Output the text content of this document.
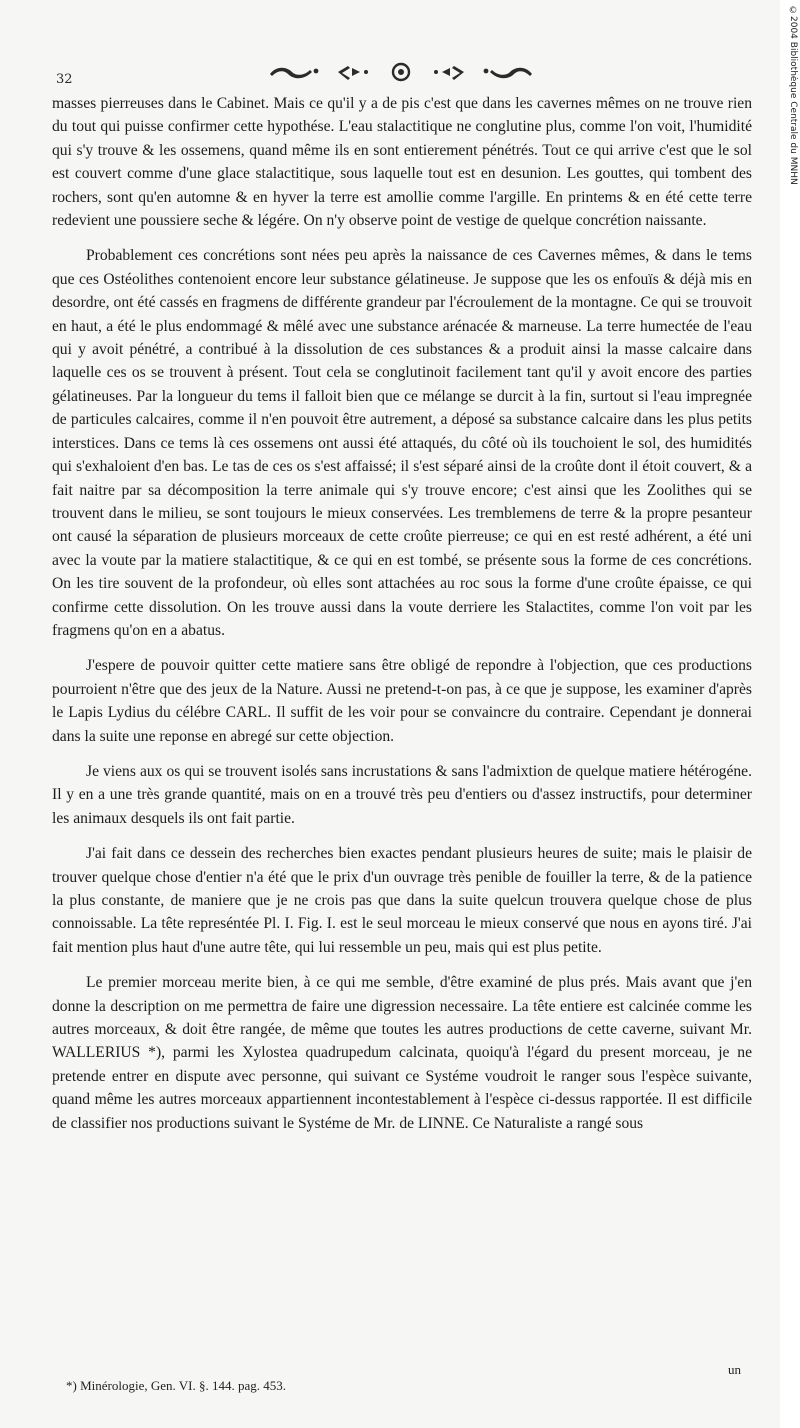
32

masses pierreuses dans le Cabinet. Mais ce qu'il y a de pis c'est que dans les cavernes mêmes on ne trouve rien du tout qui puisse confirmer cette hypothése. L'eau stalactitique ne conglutine plus, comme l'on voit, l'humidité qui s'y trouve & les ossemens, quand même ils en sont entierement pénétrés. Tout ce qui arrive c'est que le sol est couvert comme d'une glace stalactitique, sous laquelle tout est en desunion. Les gouttes, qui tombent des rochers, sont qu'en automne & en hyver la terre est amollie comme l'argille. En printems & en été cette terre redevient une poussiere seche & légére. On n'y observe point de vestige de quelque concrétion naissante.

Probablement ces concrétions sont nées peu après la naissance de ces Cavernes mêmes, & dans le tems que ces Ostéolithes contenoient encore leur substance gélatineuse. Je suppose que les os enfouïs & déjà mis en desordre, ont été cassés en fragmens de différente grandeur par l'écroulement de la montagne. Ce qui se trouvoit en haut, a été le plus endommagé & mêlé avec une substance arénacée & marneuse. La terre humectée de l'eau qui y avoit pénétré, a contribué à la dissolution de ces substances & a produit ainsi la masse calcaire dans laquelle ces os se trouvent à présent. Tout cela se conglutinoit facilement tant qu'il y avoit encore des parties gélatineuses. Par la longueur du tems il falloit bien que ce mélange se durcit à la fin, surtout si l'eau impregnée de particules calcaires, comme il n'en pouvoit être autrement, a déposé sa substance calcaire dans les plus petits interstices. Dans ce tems là ces ossemens ont aussi été attaqués, du côté où ils touchoient le sol, des humidités qui s'exhaloient d'en bas. Le tas de ces os s'est affaissé; il s'est séparé ainsi de la croûte dont il étoit couvert, & a fait naitre par sa décomposition la terre animale qui s'y trouve encore; c'est ainsi que les Zoolithes qui se trouvent dans le milieu, se sont toujours le mieux conservées. Les tremblemens de terre & la propre pesanteur ont causé la séparation de plusieurs morceaux de cette croûte pierreuse; ce qui en est resté adhérent, a été uni avec la voute par la matiere stalactitique, & ce qui en est tombé, se présente sous la forme de ces concrétions. On les tire souvent de la profondeur, où elles sont attachées au roc sous la forme d'une croûte épaisse, ce qui confirme cette dissolution. On les trouve aussi dans la voute derriere les Stalactites, comme l'on voit par les fragmens qu'on en a abatus.

J'espere de pouvoir quitter cette matiere sans être obligé de repondre à l'objection, que ces productions pourroient n'être que des jeux de la Nature. Aussi ne pretend-t-on pas, à ce que je suppose, les examiner d'après le Lapis Lydius du célébre CARL. Il suffit de les voir pour se convaincre du contraire. Cependant je donnerai dans la suite une reponse en abregé sur cette objection.

Je viens aux os qui se trouvent isolés sans incrustations & sans l'admixtion de quelque matiere hétérogéne. Il y en a une très grande quantité, mais on en a trouvé très peu d'entiers ou d'assez instructifs, pour determiner les animaux desquels ils ont fait partie.

J'ai fait dans ce dessein des recherches bien exactes pendant plusieurs heures de suite; mais le plaisir de trouver quelque chose d'entier n'a été que le prix d'un ouvrage très penible de fouiller la terre, & de la patience la plus constante, de maniere que je ne crois pas que dans la suite quelcun trouvera quelque chose de plus connoissable. La tête represéntée Pl. I. Fig. I. est le seul morceau le mieux conservé que nous en ayons tiré. J'ai fait mention plus haut d'une autre tête, qui lui ressemble un peu, mais qui est plus petite.

Le premier morceau merite bien, à ce qui me semble, d'être examiné de plus prés. Mais avant que j'en donne la description on me permettra de faire une digression necessaire. La tête entiere est calcinée comme les autres morceaux, & doit être rangée, de même que toutes les autres productions de cette caverne, suivant Mr. WALLERIUS *), parmi les Xylostea quadrupedum calcinata, quoiqu'à l'égard du present morceau, je ne pretende entrer en dispute avec personne, qui suivant ce Systéme voudroit le ranger sous l'espèce suivante, quand même les autres morceaux appartiennent incontestablement à l'espèce ci-dessus rapportée. Il est difficile de classifier nos productions suivant le Systéme de Mr. de LINNE. Ce Naturaliste a rangé sous

un
*) Minérologie, Gen. VI. §. 144. pag. 453.
©2004 Bibliothèque Centrale du MNHN
